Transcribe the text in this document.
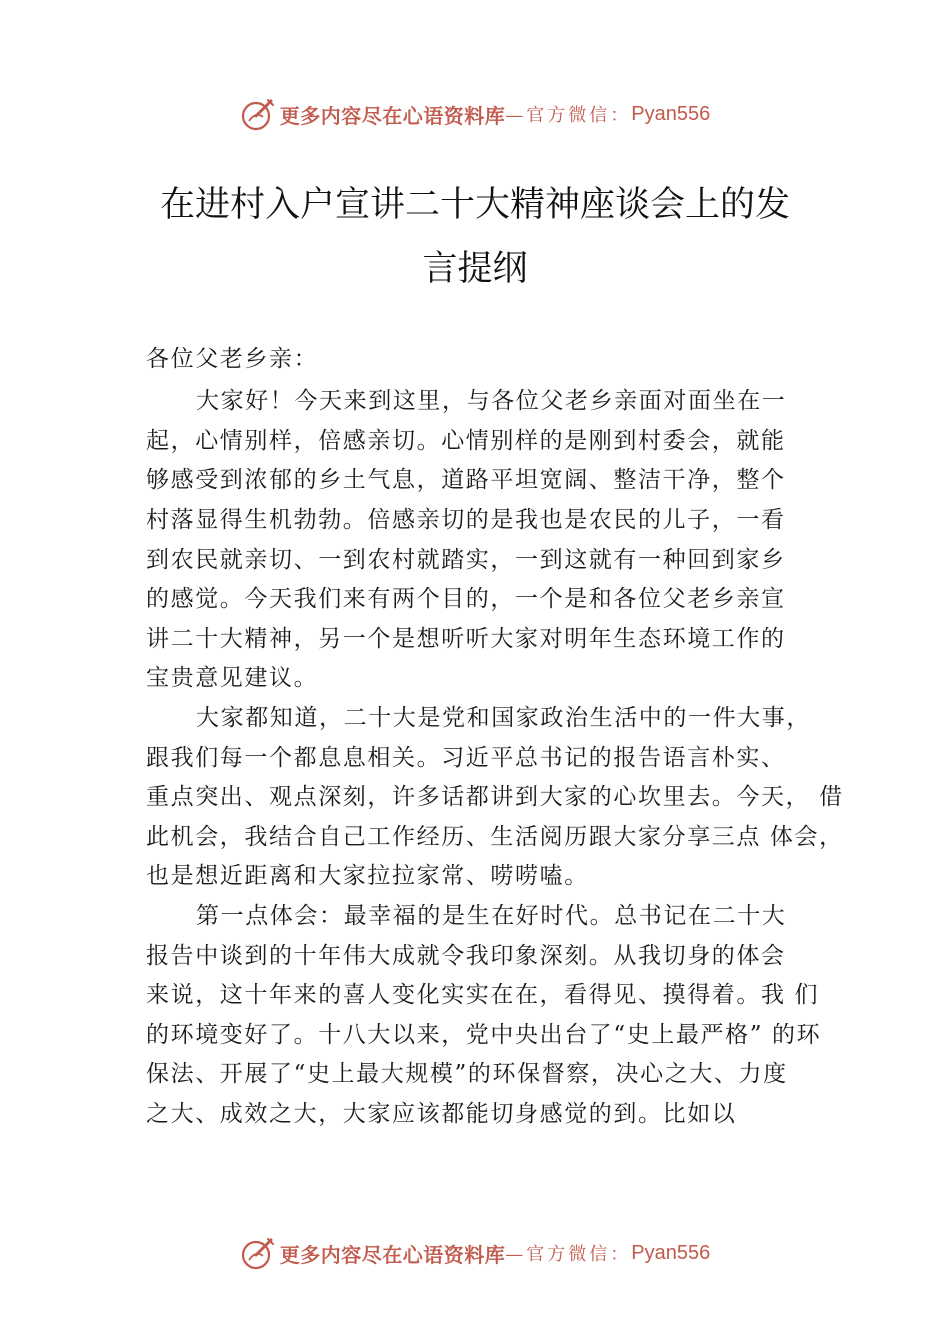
更多内容尽在心语资料库 —官方微信： Pyan556
在进村入户宣讲二十大精神座谈会上的发
言提纲
各位父老乡亲：
大家好！今天来到这里，与各位父老乡亲面对面坐在一
起，心情别样，倍感亲切。心情别样的是刚到村委会，就能
够感受到浓郁的乡土气息，道路平坦宽阔、整洁干净，整个
村落显得生机勃勃。倍感亲切的是我也是农民的儿子，一看
到农民就亲切、一到农村就踏实，一到这就有一种回到家乡
的感觉。今天我们来有两个目的，一个是和各位父老乡亲宣
讲二十大精神，另一个是想听听大家对明年生态环境工作的
宝贵意见建议。
大家都知道，二十大是党和国家政治生活中的一件大事，
跟我们每一个都息息相关。习近平总书记的报告语言朴实、
重点突出、观点深刻，许多话都讲到大家的心坎里去。今天， 借
此机会，我结合自己工作经历、生活阅历跟大家分享三点 体会，
也是想近距离和大家拉拉家常、唠唠嗑。
第一点体会：最幸福的是生在好时代。总书记在二十大
报告中谈到的十年伟大成就令我印象深刻。从我切身的体会
来说，这十年来的喜人变化实实在在，看得见、摸得着。我 们
的环境变好了。十八大以来，党中央出台了“史上最严格” 的环
保法、开展了“史上最大规模”的环保督察，决心之大、力度
之大、成效之大，大家应该都能切身感觉的到。比如以
更多内容尽在心语资料库 —官方微信： Pyan556
